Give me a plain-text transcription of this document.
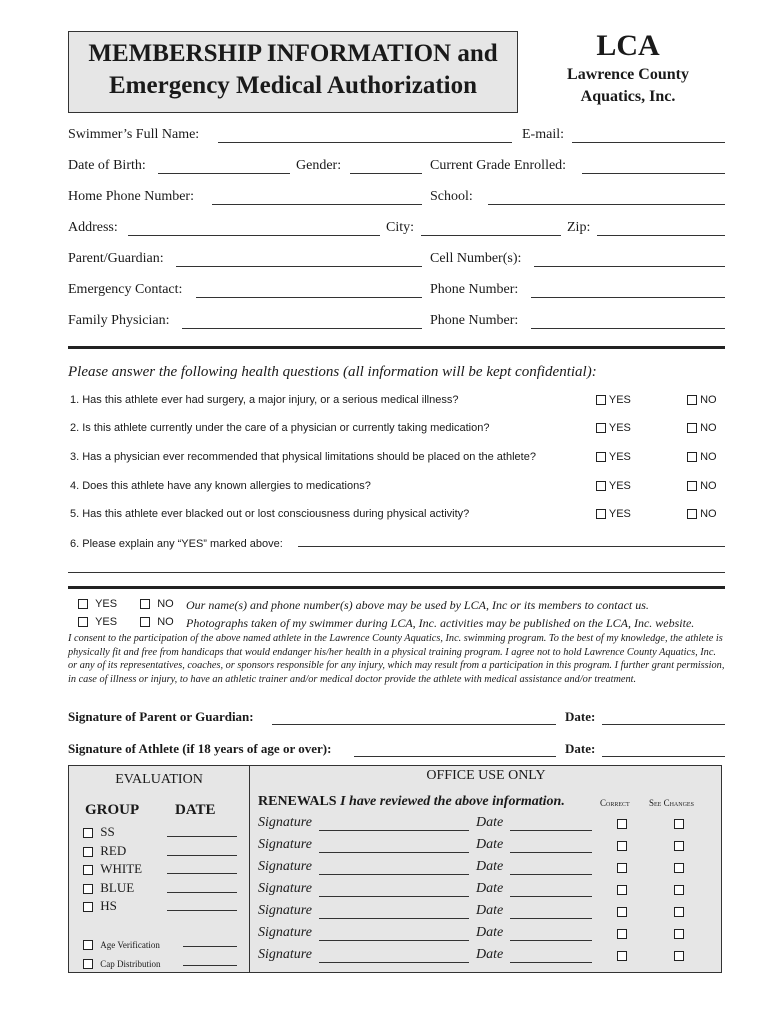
MEMBERSHIP INFORMATION and
Emergency Medical Authorization
LCA
Lawrence County
Aquatics, Inc.
Swimmer’s Full Name:	E-mail:
Date of Birth:	Gender:	Current Grade Enrolled:
Home Phone Number:	School:
Address:	City:	Zip:
Parent/Guardian:	Cell Number(s):
Emergency Contact:	Phone Number:
Family Physician:	Phone Number:
Please answer the following health questions (all information will be kept confidential):
1. Has this athlete ever had surgery, a major injury, or a serious medical illness?	YES	NO
2. Is this athlete currently under the care of a physician or currently taking medication?	YES	NO
3. Has a physician ever recommended that physical limitations should be placed on the athlete?	YES	NO
4. Does this athlete have any known allergies to medications?	YES	NO
5. Has this athlete ever blacked out or lost consciousness during physical activity?	YES	NO
6. Please explain any “YES” marked above:
YES	NO Our name(s) and phone number(s) above may be used by LCA, Inc or its members to contact us.
YES	NO Photographs taken of my swimmer during LCA, Inc. activities may be published on the LCA, Inc. website.
I consent to the participation of the above named athlete in the Lawrence County Aquatics, Inc. swimming program. To the best of my knowledge, the athlete is physically fit and free from handicaps that would endanger his/her health in a physical training program. I agree not to hold Lawrence County Aquatics, Inc. or any of its representatives, coaches, or sponsors responsible for any injury, which may result from a participation in this program. I further grant permission, in case of illness or injury, to have an athletic trainer and/or medical doctor provide the athlete with medical assistance and/or treatment.
Signature of Parent or Guardian:	Date:
Signature of Athlete (if 18 years of age or over):	Date:
EVALUATION
GROUP DATE
SS
RED
WHITE
BLUE
HS
Age Verification
Cap Distribution
OFFICE USE ONLY
RENEWALS I have reviewed the above information.	Correct See Changes
Signature	Date
Signature	Date
Signature	Date
Signature	Date
Signature	Date
Signature	Date
Signature	Date
